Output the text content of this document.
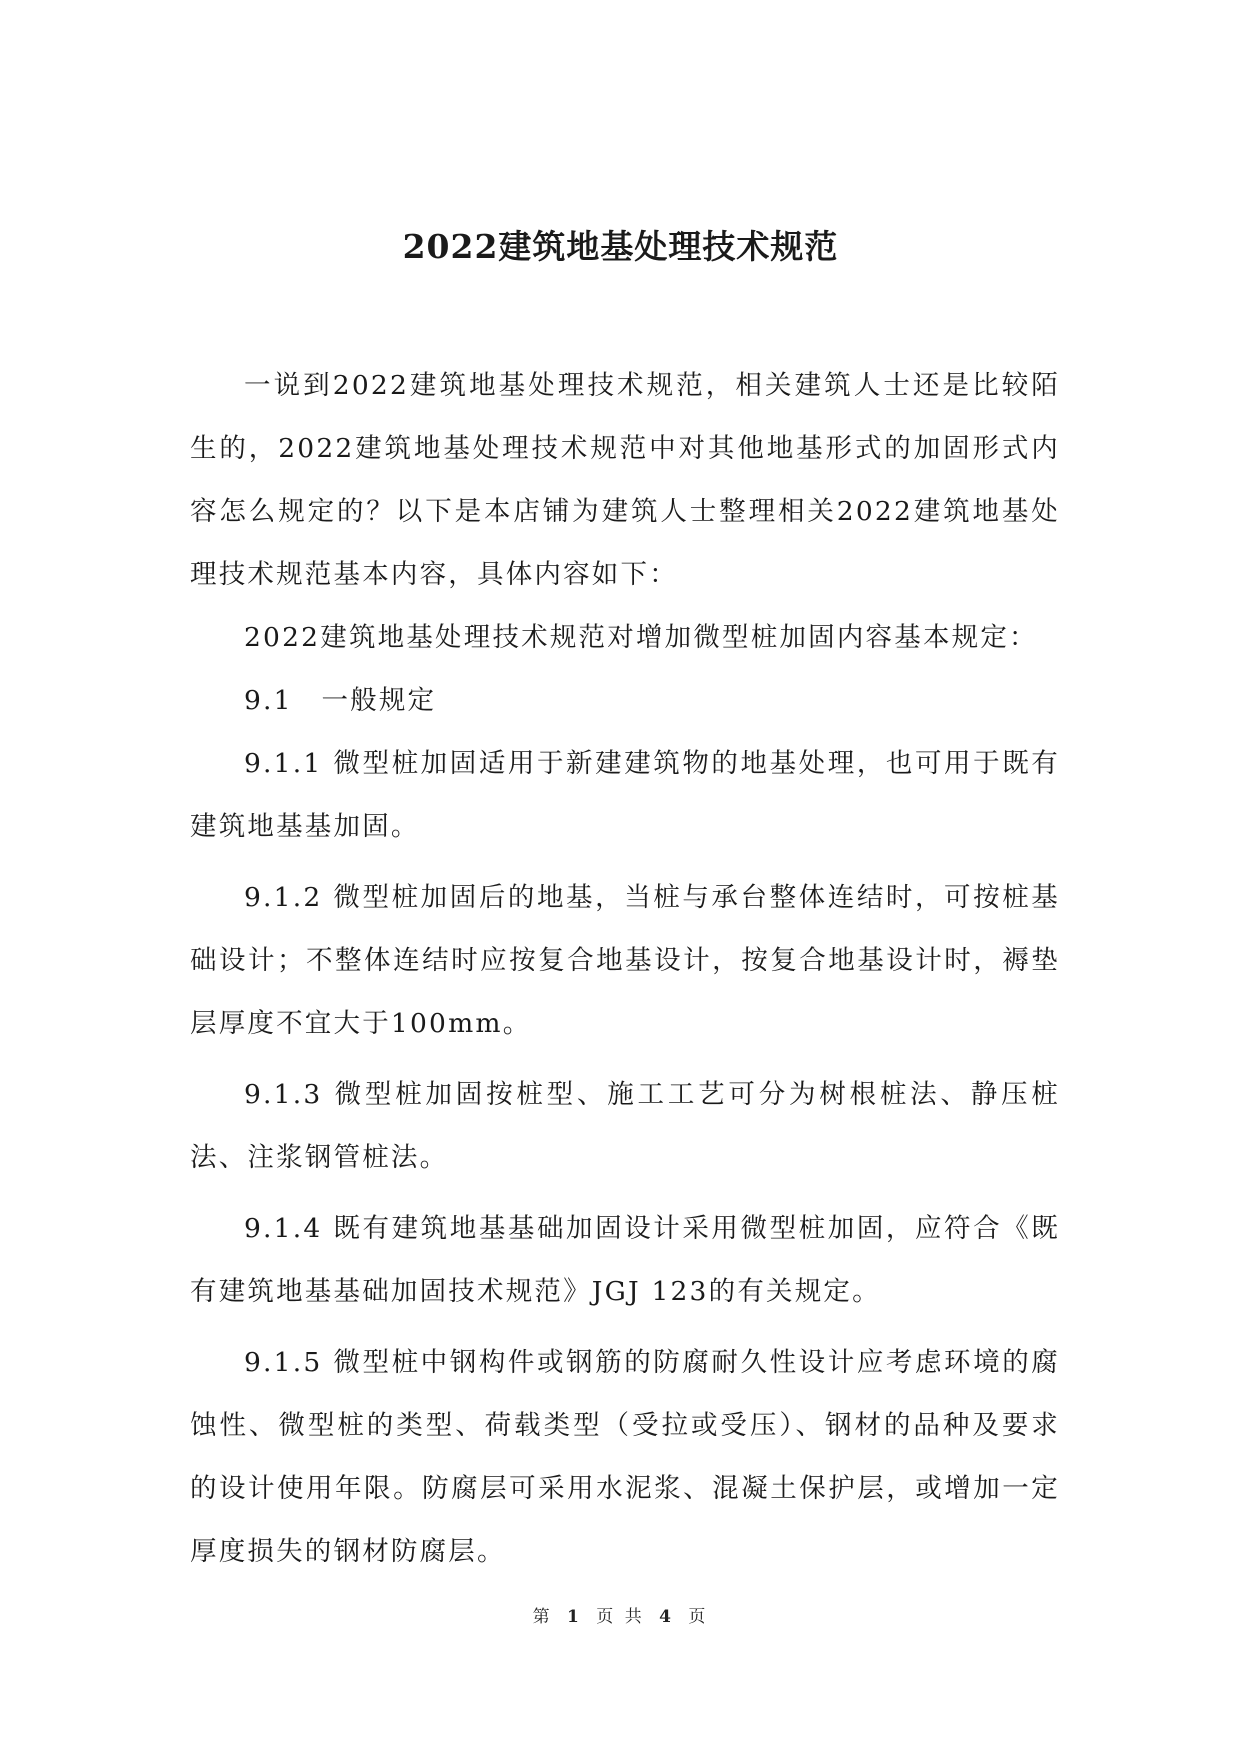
2022建筑地基处理技术规范

一说到2022建筑地基处理技术规范，相关建筑人士还是比较陌生的，2022建筑地基处理技术规范中对其他地基形式的加固形式内容怎么规定的？以下是本店铺为建筑人士整理相关2022建筑地基处理技术规范基本内容，具体内容如下：

2022建筑地基处理技术规范对增加微型桩加固内容基本规定：

9.1　一般规定

9.1.1 微型桩加固适用于新建建筑物的地基处理，也可用于既有建筑地基基加固。

9.1.2 微型桩加固后的地基，当桩与承台整体连结时，可按桩基础设计；不整体连结时应按复合地基设计，按复合地基设计时，褥垫层厚度不宜大于100mm。

9.1.3 微型桩加固按桩型、施工工艺可分为树根桩法、静压桩法、注浆钢管桩法。

9.1.4 既有建筑地基基础加固设计采用微型桩加固，应符合《既有建筑地基基础加固技术规范》JGJ 123的有关规定。

9.1.5 微型桩中钢构件或钢筋的防腐耐久性设计应考虑环境的腐蚀性、微型桩的类型、荷载类型（受拉或受压）、钢材的品种及要求的设计使用年限。防腐层可采用水泥浆、混凝土保护层，或增加一定厚度损失的钢材防腐层。

第 1 页 共 4 页
